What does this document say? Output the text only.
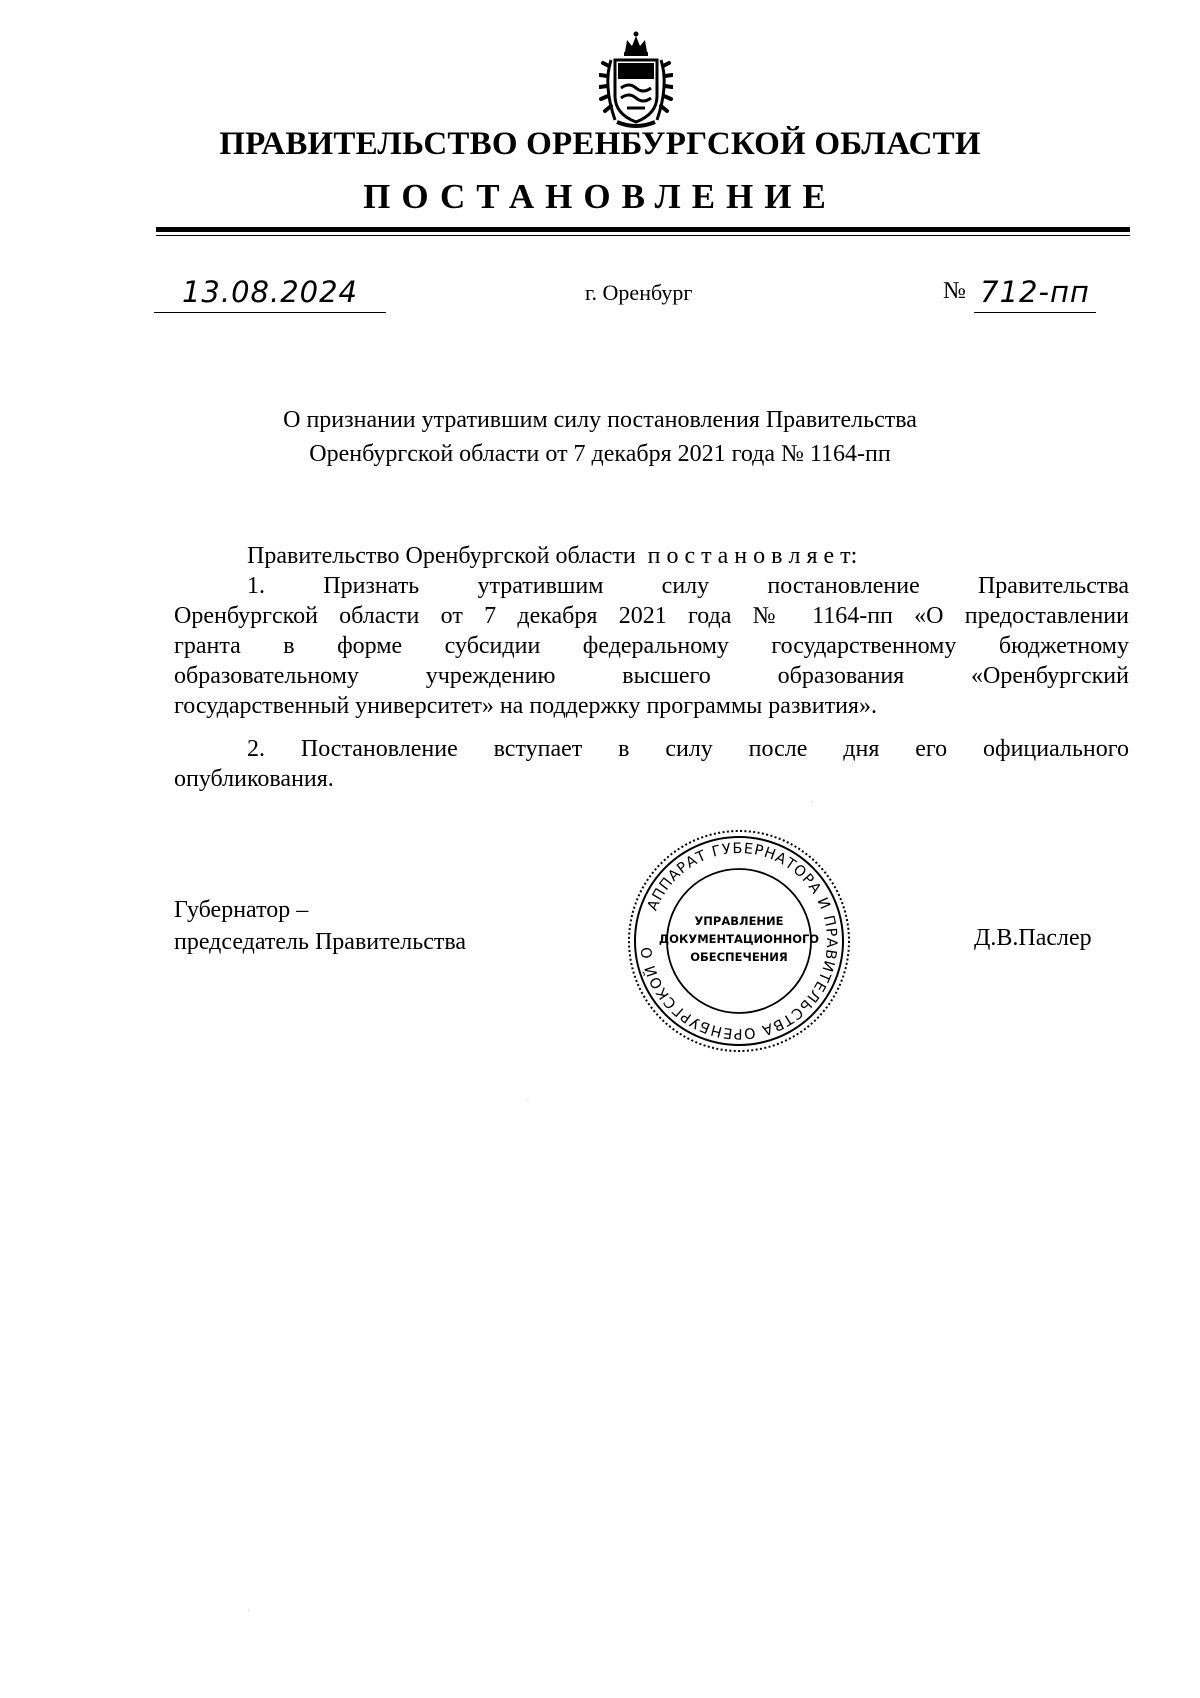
ПРАВИТЕЛЬСТВО ОРЕНБУРГСКОЙ ОБЛАСТИ
ПОСТАНОВЛЕНИЕ
13.08.2024	г. Оренбург	№ 712-пп
О признании утратившим силу постановления Правительства
Оренбургской области от 7 декабря 2021 года № 1164-пп
Правительство Оренбургской области п о с т а н о в л я е т:
1. Признать утратившим силу постановление Правительства
Оренбургской области от 7 декабря 2021 года № 1164-пп «О предоставлении
гранта в форме субсидии федеральному государственному бюджетному
образовательному учреждению высшего образования «Оренбургский
государственный университет» на поддержку программы развития».
2. Постановление вступает в силу после дня его официального
опубликования.
Губернатор –
председатель Правительства	Д.В.Паслер
АППАРАТ ГУБЕРНАТОРА И ПРАВИТЕЛЬСТВА ОРЕНБУРГСКОЙ О
УПРАВЛЕНИЕ
ДОКУМЕНТАЦИОННОГО
ОБЕСПЕЧЕНИЯ
·
·
·
